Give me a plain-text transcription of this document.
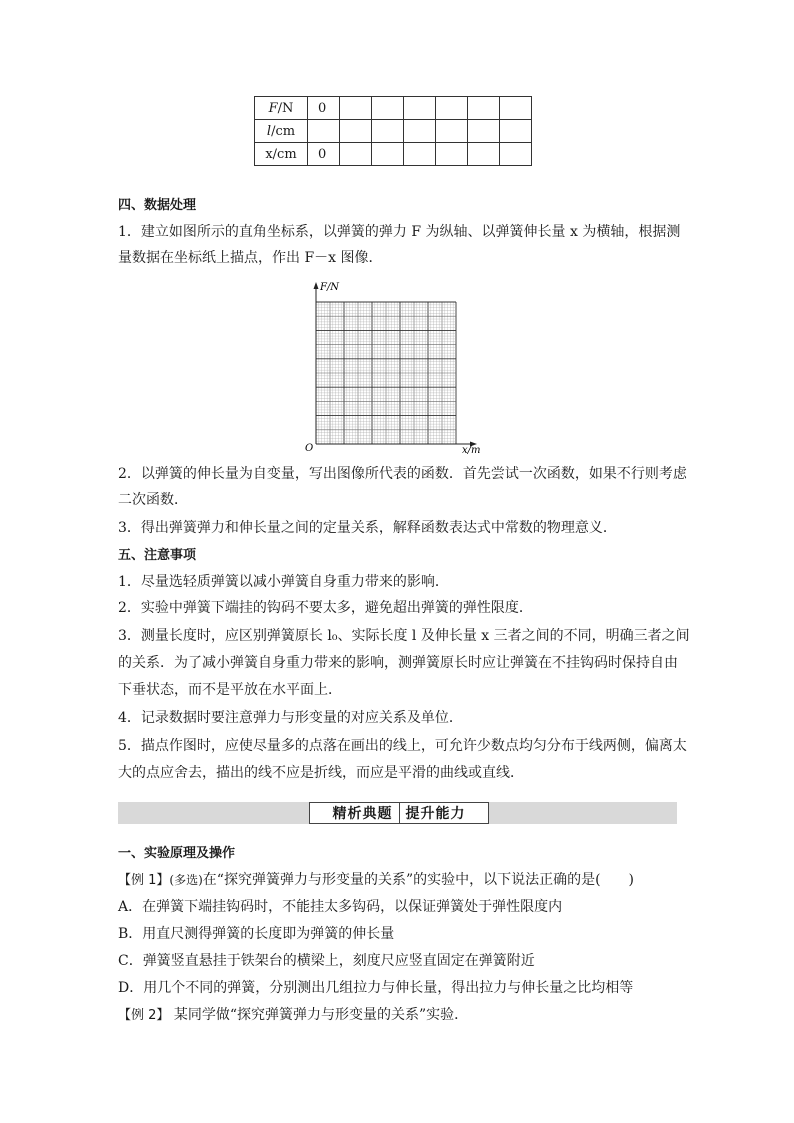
F/N	0						
l/cm							
x/cm	0						
四、数据处理
1．建立如图所示的直角坐标系，以弹簧的弹力 F 为纵轴、以弹簧伸长量 x 为横轴，根据测
量数据在坐标纸上描点，作出 F－x 图像．
F/N
x/m
O
2．以弹簧的伸长量为自变量，写出图像所代表的函数．首先尝试一次函数，如果不行则考虑
二次函数．
3．得出弹簧弹力和伸长量之间的定量关系，解释函数表达式中常数的物理意义．
五、注意事项
1．尽量选轻质弹簧以减小弹簧自身重力带来的影响．
2．实验中弹簧下端挂的钩码不要太多，避免超出弹簧的弹性限度．
3．测量长度时，应区别弹簧原长 l₀、实际长度 l 及伸长量 x 三者之间的不同，明确三者之间
的关系．为了减小弹簧自身重力带来的影响，测弹簧原长时应让弹簧在不挂钩码时保持自由
下垂状态，而不是平放在水平面上．
4．记录数据时要注意弹力与形变量的对应关系及单位．
5．描点作图时，应使尽量多的点落在画出的线上，可允许少数点均匀分布于线两侧，偏离太
大的点应舍去，描出的线不应是折线，而应是平滑的曲线或直线．
精析典题 提升能力
一、实验原理及操作
【例 1】(多选)在“探究弹簧弹力与形变量的关系”的实验中，以下说法正确的是(　　)
A．在弹簧下端挂钩码时，不能挂太多钩码，以保证弹簧处于弹性限度内
B．用直尺测得弹簧的长度即为弹簧的伸长量
C．弹簧竖直悬挂于铁架台的横梁上，刻度尺应竖直固定在弹簧附近
D．用几个不同的弹簧，分别测出几组拉力与伸长量，得出拉力与伸长量之比均相等
【例 2】 某同学做“探究弹簧弹力与形变量的关系”实验．
